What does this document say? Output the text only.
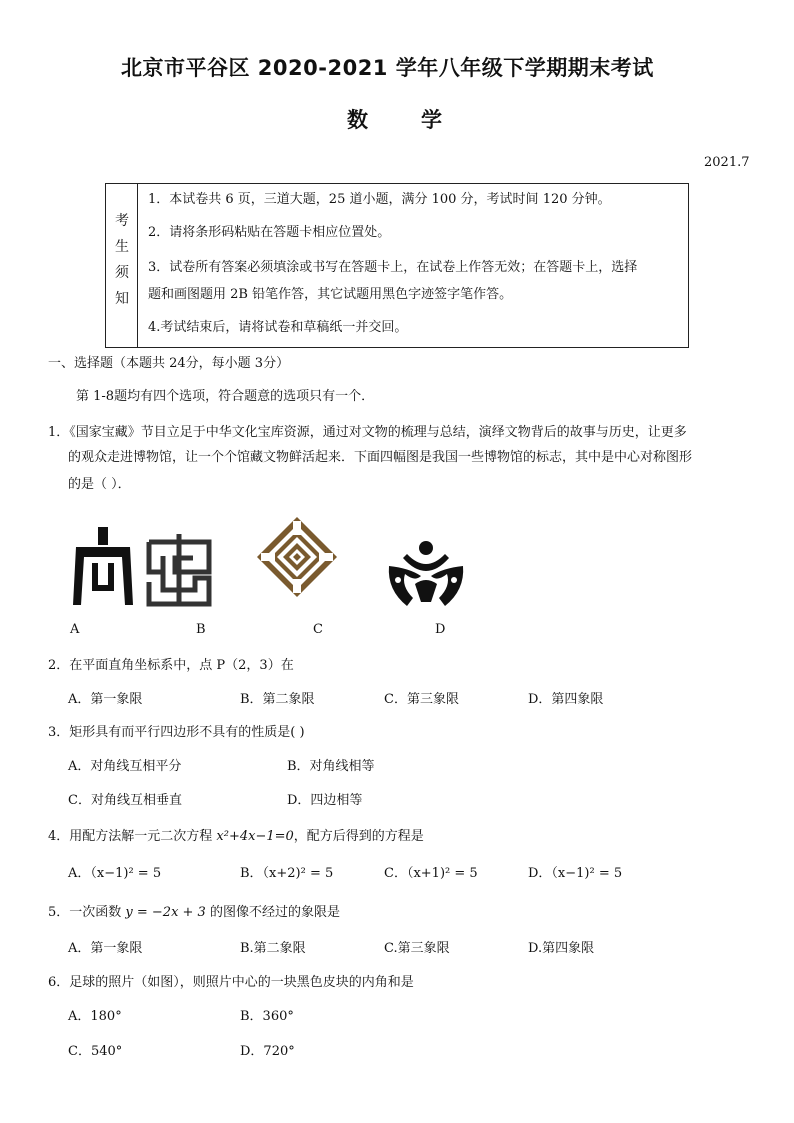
北京市平谷区 2020-2021 学年八年级下学期期末考试
数	学
2021.7
考
生
须
知
1．本试卷共 6 页，三道大题，25 道小题，满分 100 分，考试时间 120 分钟。
2．请将条形码粘贴在答题卡相应位置处。
3．试卷所有答案必须填涂或书写在答题卡上，在试卷上作答无效；在答题卡上，选择
题和画图题用 2B 铅笔作答，其它试题用黑色字迹签字笔作答。
4.考试结束后，请将试卷和草稿纸一并交回。
一、选择题（本题共 24分，每小题 3分）
第 1-8题均有四个选项，符合题意的选项只有一个．
1．《国家宝藏》节目立足于中华文化宝库资源，通过对文物的梳理与总结，演绎文物背后的故事与历史，让更多
的观众走进博物馆，让一个个馆藏文物鲜活起来．下面四幅图是我国一些博物馆的标志，其中是中心对称图形
的是（ ）．
A	B	C	D
2．在平面直角坐标系中，点 P（2，3）在
A．第一象限	B．第二象限	C．第三象限	D．第四象限
3．矩形具有而平行四边形不具有的性质是( )
A．对角线互相平分	B．对角线相等
C．对角线互相垂直	D．四边相等
4．用配方法解一元二次方程 x²+4x−1=0，配方后得到的方程是
A．（x−1)² = 5	B．（x+2)² = 5	C．（x+1)² = 5	D．（x−1)² = 5
5．一次函数 y = −2x + 3 的图像不经过的象限是
A．第一象限	B.第二象限	C.第三象限	D.第四象限
6．足球的照片（如图），则照片中心的一块黑色皮块的内角和是
A．180°	B．360°
C．540°	D．720°
